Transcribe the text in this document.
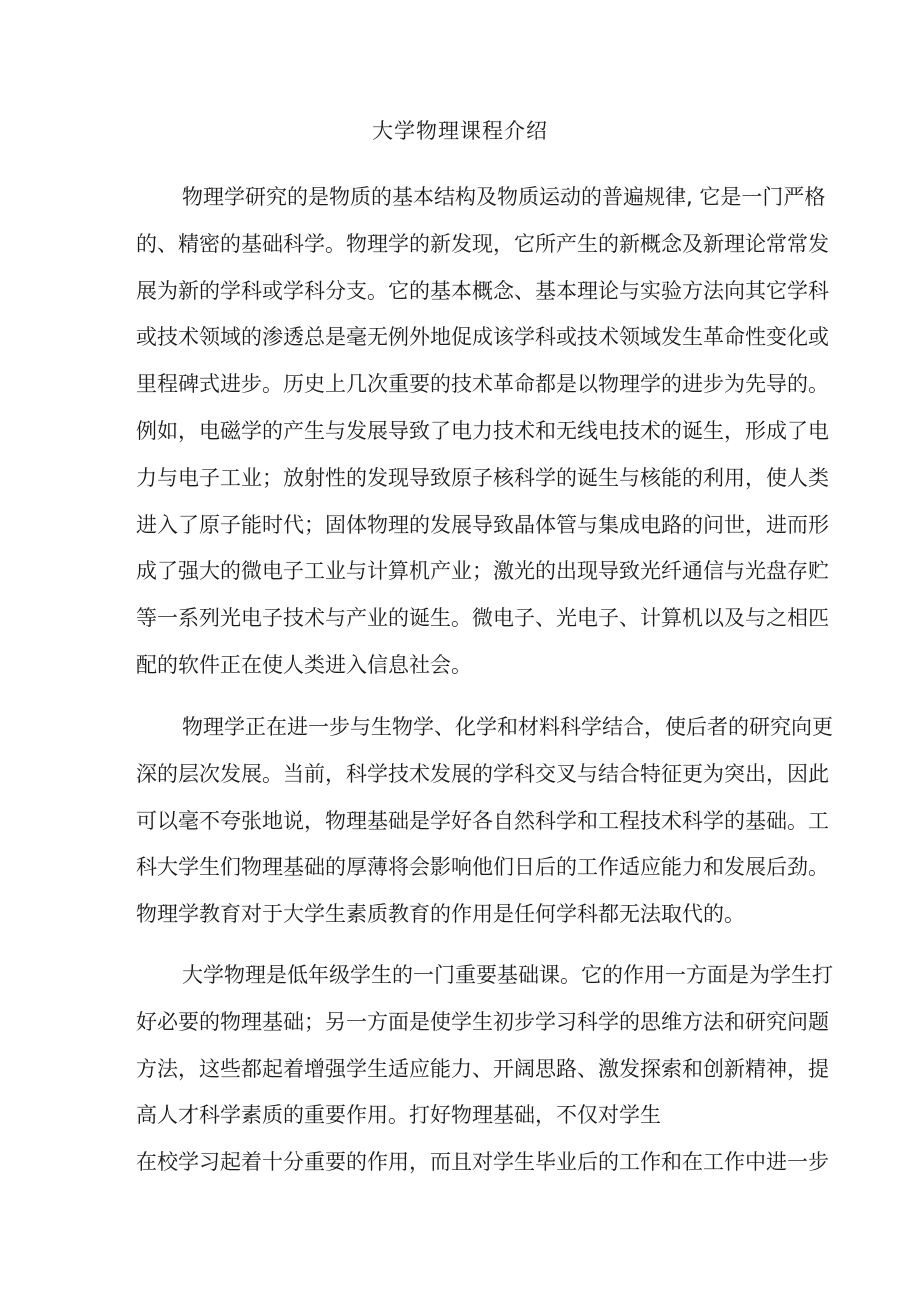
大学物理课程介绍
物理学研究的是物质的基本结构及物质运动的普遍规律, 它是一门严格
的、精密的基础科学。物理学的新发现，它所产生的新概念及新理论常常发
展为新的学科或学科分支。它的基本概念、基本理论与实验方法向其它学科
或技术领域的渗透总是毫无例外地促成该学科或技术领域发生革命性变化或
里程碑式进步。历史上几次重要的技术革命都是以物理学的进步为先导的。
例如，电磁学的产生与发展导致了电力技术和无线电技术的诞生，形成了电
力与电子工业；放射性的发现导致原子核科学的诞生与核能的利用，使人类
进入了原子能时代；固体物理的发展导致晶体管与集成电路的问世，进而形
成了强大的微电子工业与计算机产业；激光的出现导致光纤通信与光盘存贮
等一系列光电子技术与产业的诞生。微电子、光电子、计算机以及与之相匹
配的软件正在使人类进入信息社会。
物理学正在进一步与生物学、化学和材料科学结合，使后者的研究向更
深的层次发展。当前，科学技术发展的学科交叉与结合特征更为突出，因此
可以毫不夸张地说，物理基础是学好各自然科学和工程技术科学的基础。工
科大学生们物理基础的厚薄将会影响他们日后的工作适应能力和发展后劲。
物理学教育对于大学生素质教育的作用是任何学科都无法取代的。
大学物理是低年级学生的一门重要基础课。它的作用一方面是为学生打
好必要的物理基础；另一方面是使学生初步学习科学的思维方法和研究问题
方法，这些都起着增强学生适应能力、开阔思路、激发探索和创新精神，提
高人才科学素质的重要作用。打好物理基础，不仅对学生
在校学习起着十分重要的作用，而且对学生毕业后的工作和在工作中进一步
